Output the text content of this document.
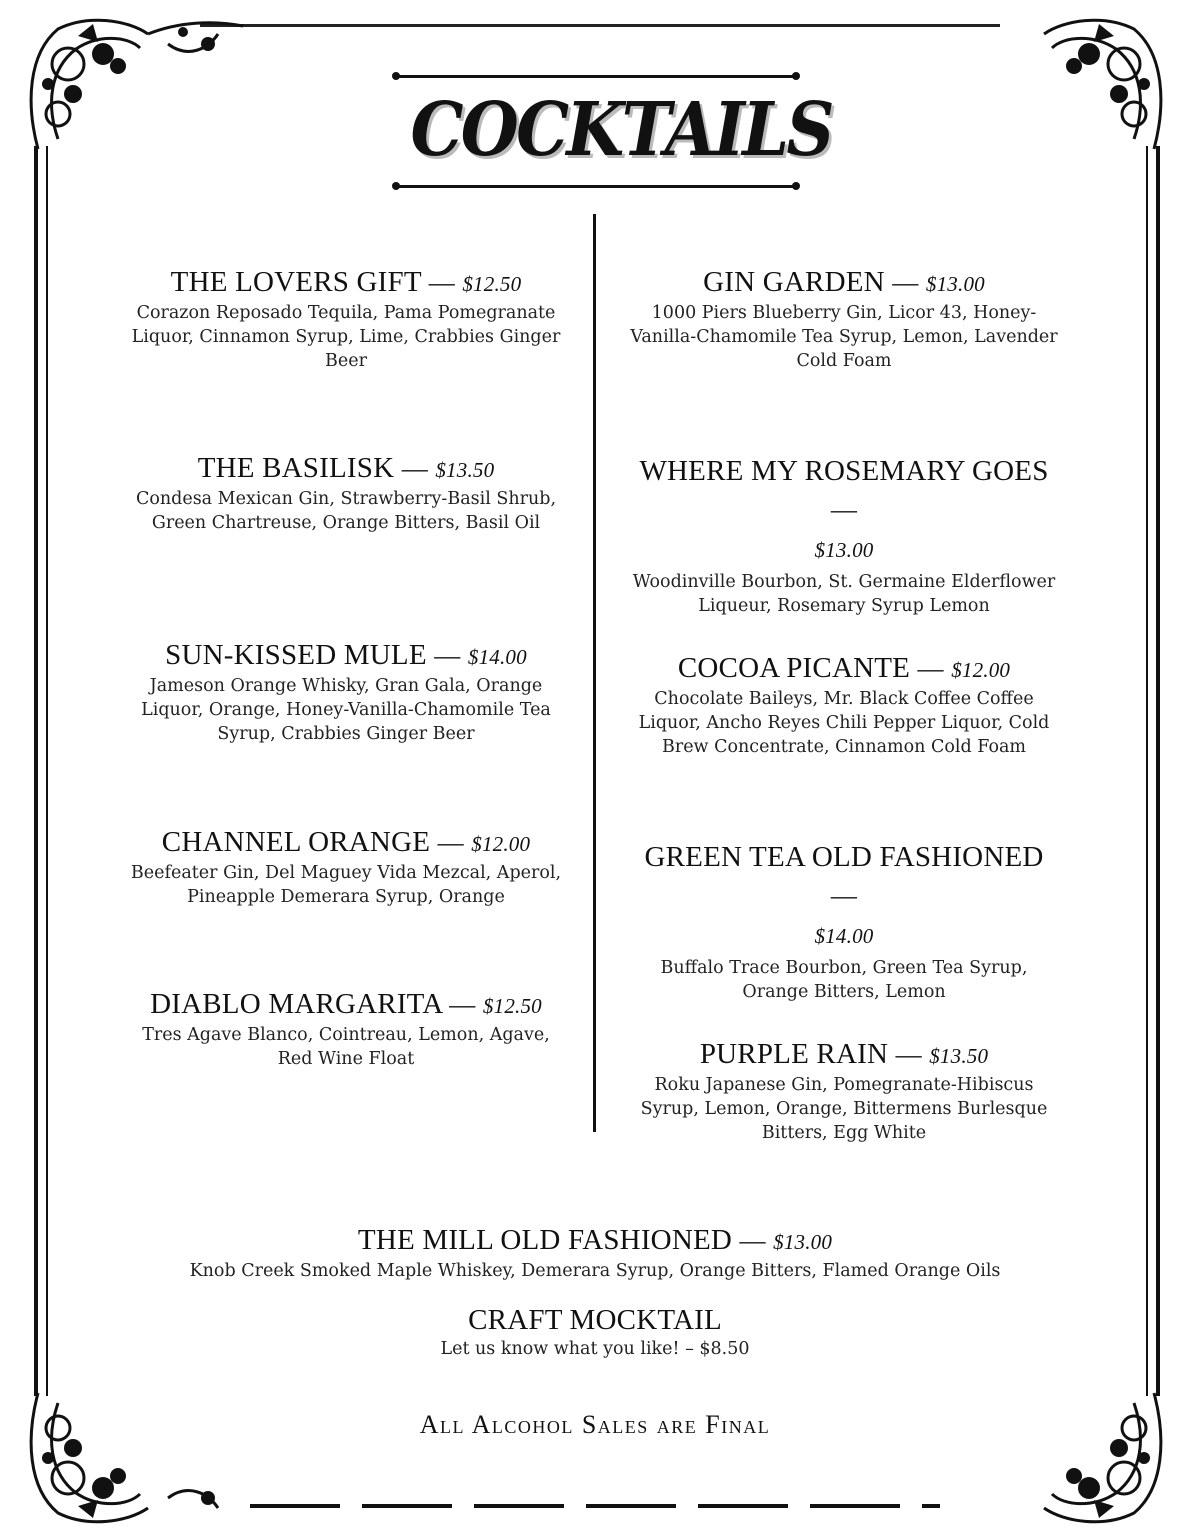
COCKTAILS
THE LOVERS GIFT — $12.50
Corazon Reposado Tequila, Pama Pomegranate Liquor, Cinnamon Syrup, Lime, Crabbies Ginger Beer
THE BASILISK — $13.50
Condesa Mexican Gin, Strawberry-Basil Shrub, Green Chartreuse, Orange Bitters, Basil Oil
SUN-KISSED MULE — $14.00
Jameson Orange Whisky, Gran Gala, Orange Liquor, Orange, Honey-Vanilla-Chamomile Tea Syrup, Crabbies Ginger Beer
CHANNEL ORANGE — $12.00
Beefeater Gin, Del Maguey Vida Mezcal, Aperol, Pineapple Demerara Syrup, Orange
DIABLO MARGARITA — $12.50
Tres Agave Blanco, Cointreau, Lemon, Agave, Red Wine Float
GIN GARDEN — $13.00
1000 Piers Blueberry Gin, Licor 43, Honey-Vanilla-Chamomile Tea Syrup, Lemon, Lavender Cold Foam
WHERE MY ROSEMARY GOES —
$13.00
Woodinville Bourbon, St. Germaine Elderflower Liqueur, Rosemary Syrup Lemon
COCOA PICANTE — $12.00
Chocolate Baileys, Mr. Black Coffee Coffee Liquor, Ancho Reyes Chili Pepper Liquor, Cold Brew Concentrate, Cinnamon Cold Foam
GREEN TEA OLD FASHIONED —
$14.00
Buffalo Trace Bourbon, Green Tea Syrup, Orange Bitters, Lemon
PURPLE RAIN — $13.50
Roku Japanese Gin, Pomegranate-Hibiscus Syrup, Lemon, Orange, Bittermens Burlesque Bitters, Egg White
THE MILL OLD FASHIONED — $13.00
Knob Creek Smoked Maple Whiskey, Demerara Syrup, Orange Bitters, Flamed Orange Oils
CRAFT MOCKTAIL
Let us know what you like! – $8.50
All Alcohol Sales are Final
